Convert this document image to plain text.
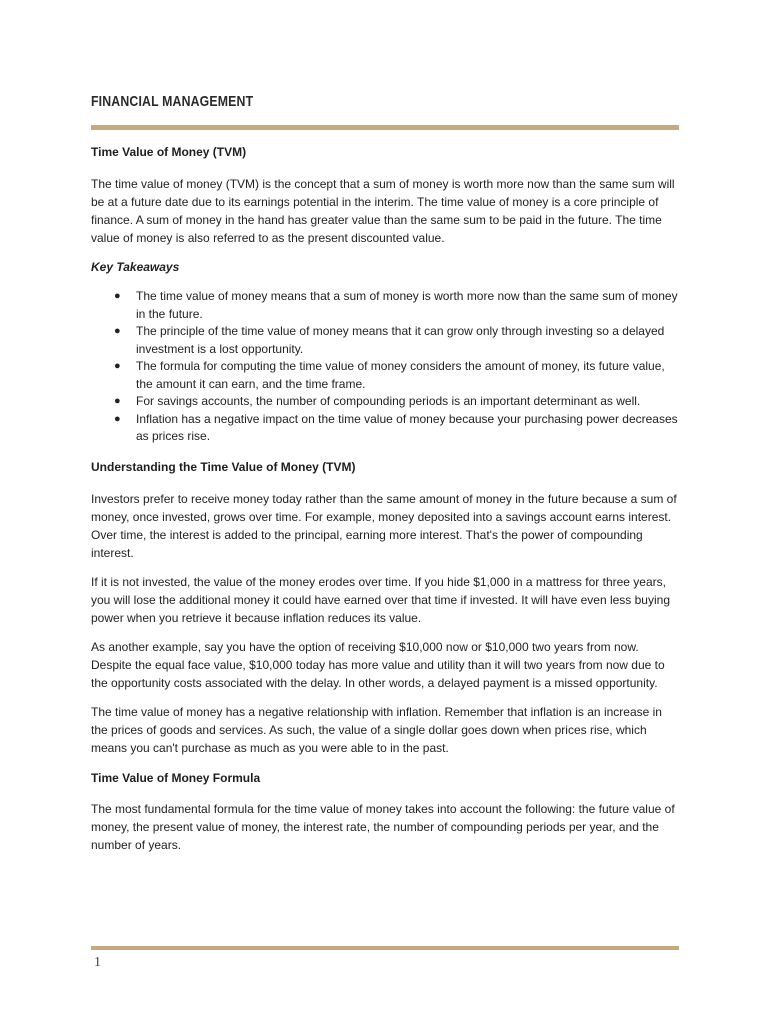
FINANCIAL MANAGEMENT
Time Value of Money (TVM)

The time value of money (TVM) is the concept that a sum of money is worth more now than the same sum will be at a future date due to its earnings potential in the interim. The time value of money is a core principle of finance. A sum of money in the hand has greater value than the same sum to be paid in the future. The time value of money is also referred to as the present discounted value.

Key Takeaways
● The time value of money means that a sum of money is worth more now than the same sum of money in the future.
● The principle of the time value of money means that it can grow only through investing so a delayed investment is a lost opportunity.
● The formula for computing the time value of money considers the amount of money, its future value, the amount it can earn, and the time frame.
● For savings accounts, the number of compounding periods is an important determinant as well.
● Inflation has a negative impact on the time value of money because your purchasing power decreases as prices rise.
Understanding the Time Value of Money (TVM)

Investors prefer to receive money today rather than the same amount of money in the future because a sum of money, once invested, grows over time. For example, money deposited into a savings account earns interest. Over time, the interest is added to the principal, earning more interest. That's the power of compounding interest.

If it is not invested, the value of the money erodes over time. If you hide $1,000 in a mattress for three years, you will lose the additional money it could have earned over that time if invested. It will have even less buying power when you retrieve it because inflation reduces its value.

As another example, say you have the option of receiving $10,000 now or $10,000 two years from now. Despite the equal face value, $10,000 today has more value and utility than it will two years from now due to the opportunity costs associated with the delay. In other words, a delayed payment is a missed opportunity.

The time value of money has a negative relationship with inflation. Remember that inflation is an increase in the prices of goods and services. As such, the value of a single dollar goes down when prices rise, which means you can't purchase as much as you were able to in the past.

Time Value of Money Formula

The most fundamental formula for the time value of money takes into account the following: the future value of money, the present value of money, the interest rate, the number of compounding periods per year, and the number of years.

1
